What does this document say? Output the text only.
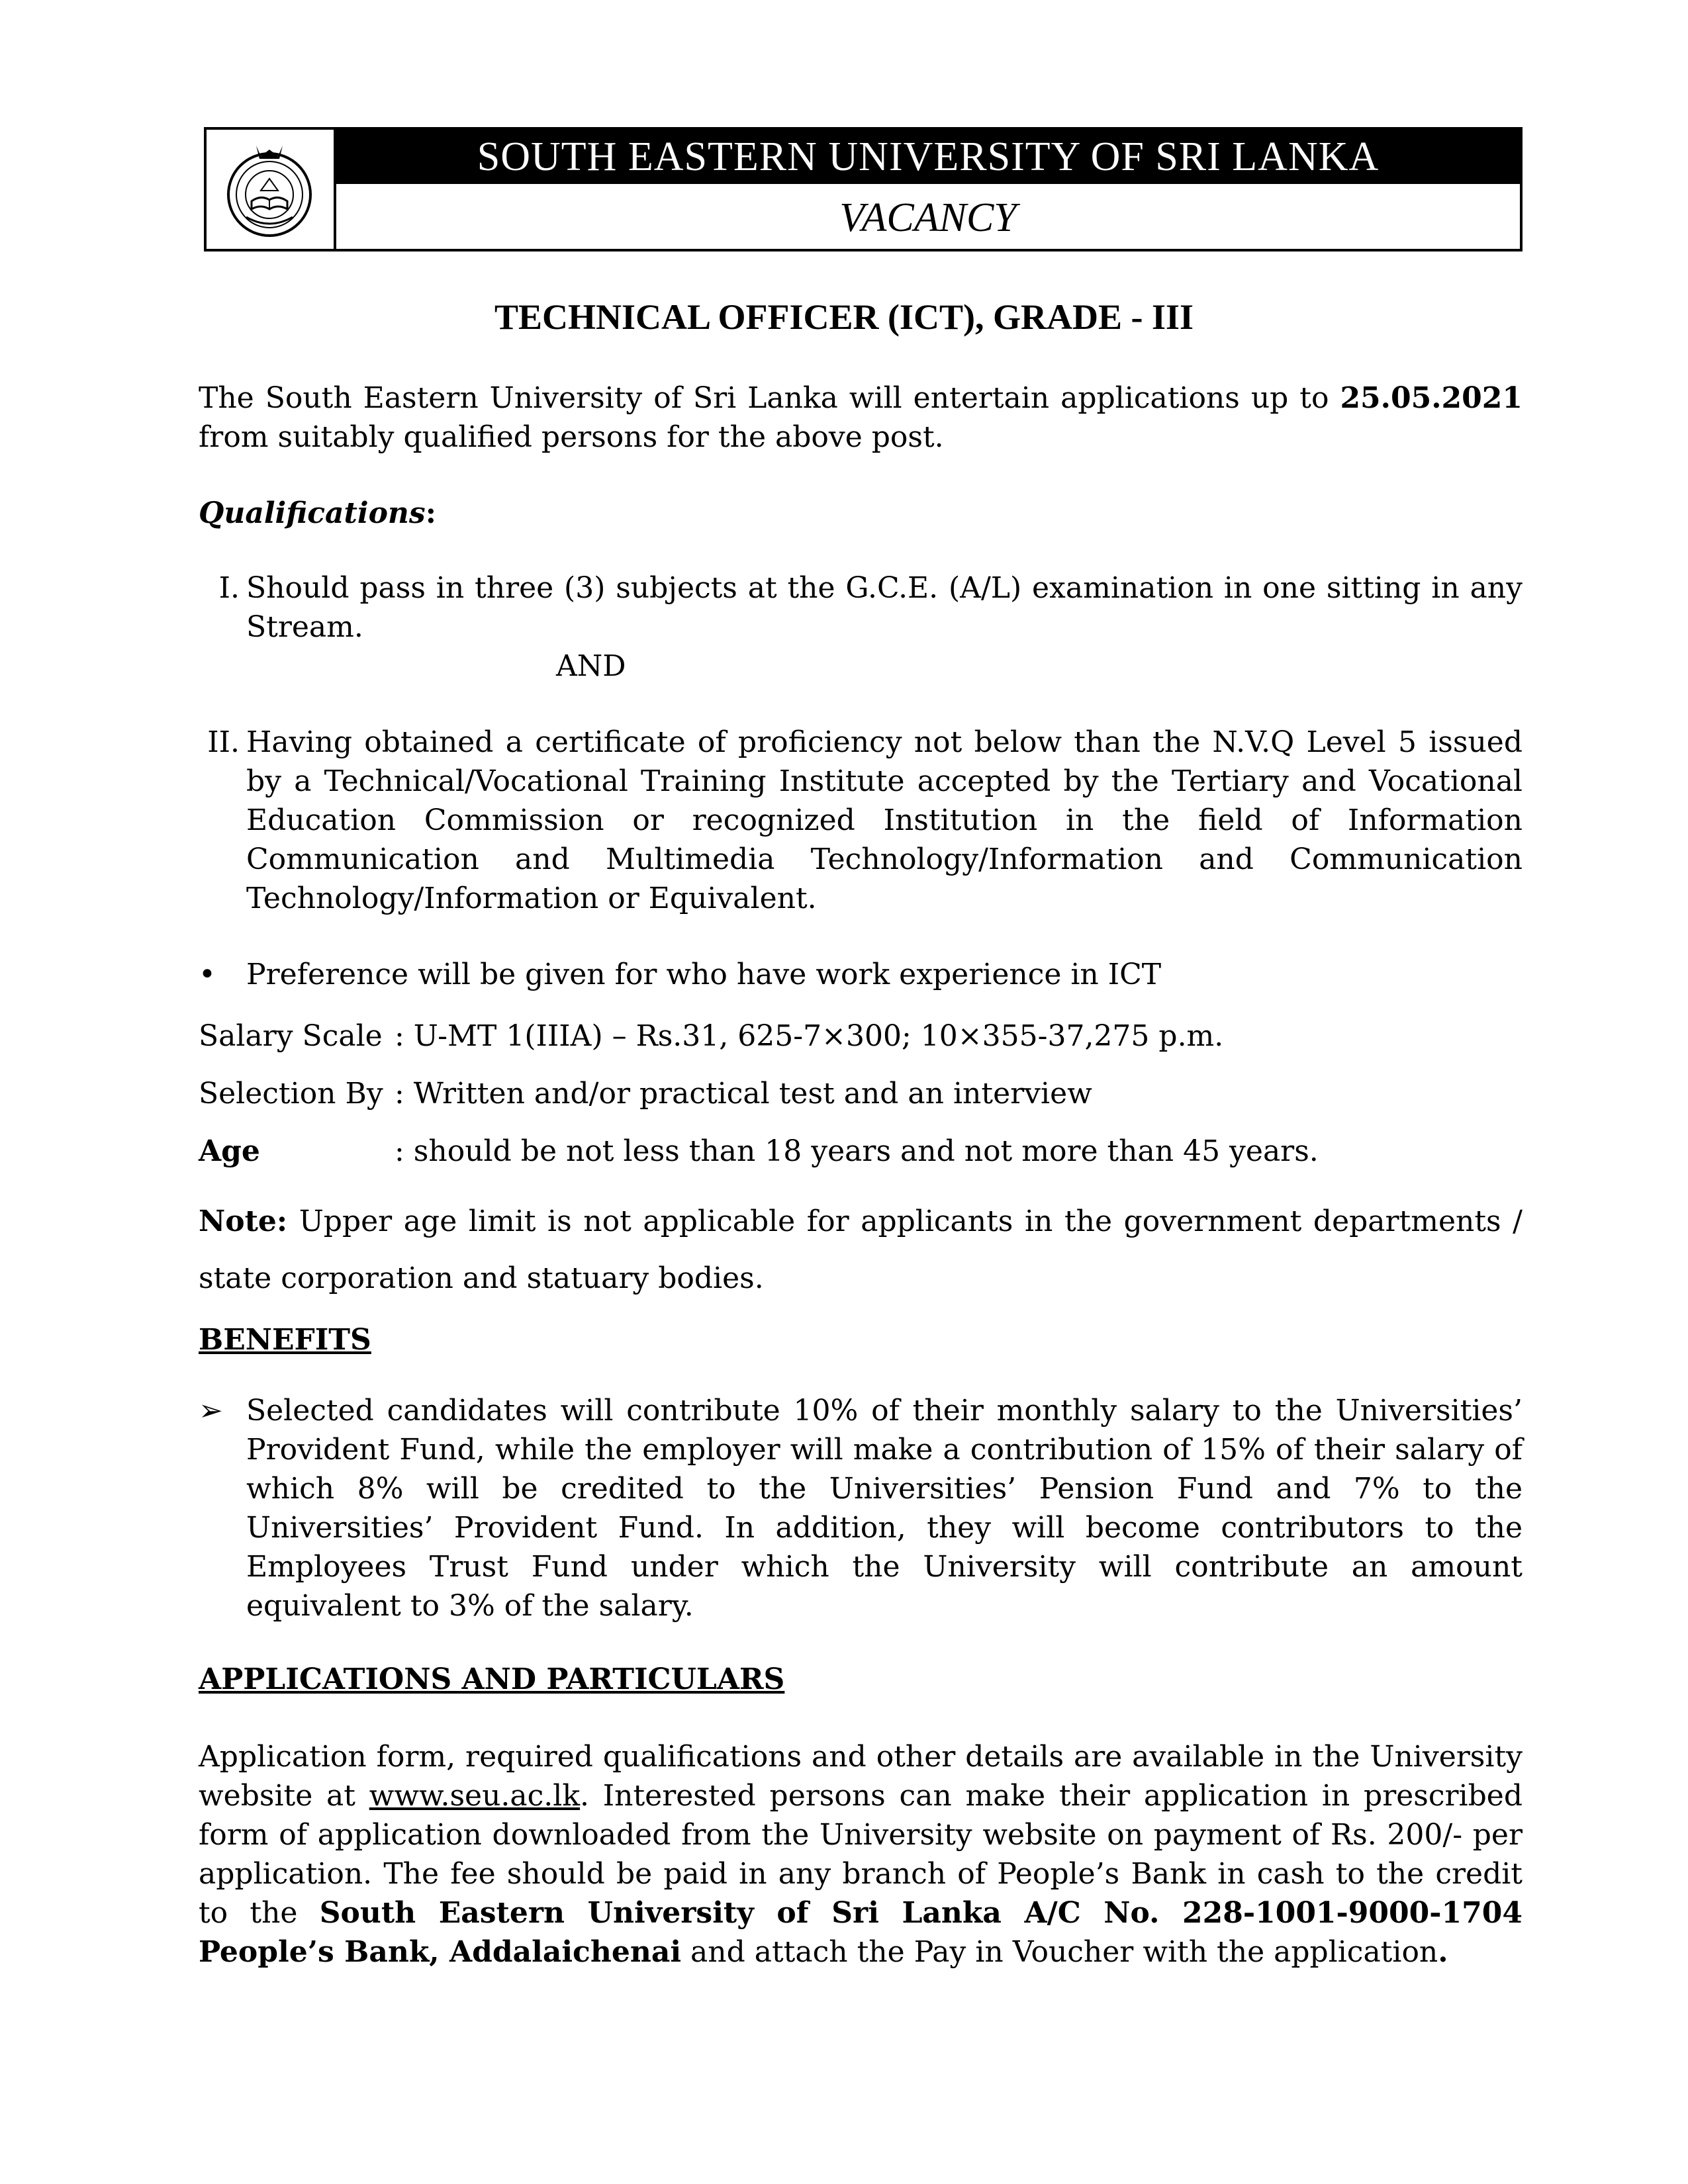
SOUTH EASTERN UNIVERSITY OF SRI LANKA
VACANCY
TECHNICAL OFFICER (ICT), GRADE - III

The South Eastern University of Sri Lanka will entertain applications up to 25.05.2021 from suitably qualified persons for the above post.

Qualifications:

I. Should pass in three (3) subjects at the G.C.E. (A/L) examination in one sitting in any Stream.
AND
II. Having obtained a certificate of proficiency not below than the N.V.Q Level 5 issued by a Technical/Vocational Training Institute accepted by the Tertiary and Vocational Education Commission or recognized Institution in the field of Information Communication and Multimedia Technology/Information and Communication Technology/Information or Equivalent.
• Preference will be given for who have work experience in ICT
Salary Scale : U-MT 1(IIIA) – Rs.31, 625-7×300; 10×355-37,275 p.m.
Selection By : Written and/or practical test and an interview
Age	: should be not less than 18 years and not more than 45 years.

Note: Upper age limit is not applicable for applicants in the government departments / state corporation and statuary bodies.

BENEFITS

➢ Selected candidates will contribute 10% of their monthly salary to the Universities’ Provident Fund, while the employer will make a contribution of 15% of their salary of which 8% will be credited to the Universities’ Pension Fund and 7% to the Universities’ Provident Fund. In addition, they will become contributors to the Employees Trust Fund under which the University will contribute an amount equivalent to 3% of the salary.

APPLICATIONS AND PARTICULARS

Application form, required qualifications and other details are available in the University website at www.seu.ac.lk. Interested persons can make their application in prescribed form of application downloaded from the University website on payment of Rs. 200/- per application. The fee should be paid in any branch of People’s Bank in cash to the credit to the South Eastern University of Sri Lanka A/C No. 228-1001-9000-1704 People’s Bank, Addalaichenai and attach the Pay in Voucher with the application.
